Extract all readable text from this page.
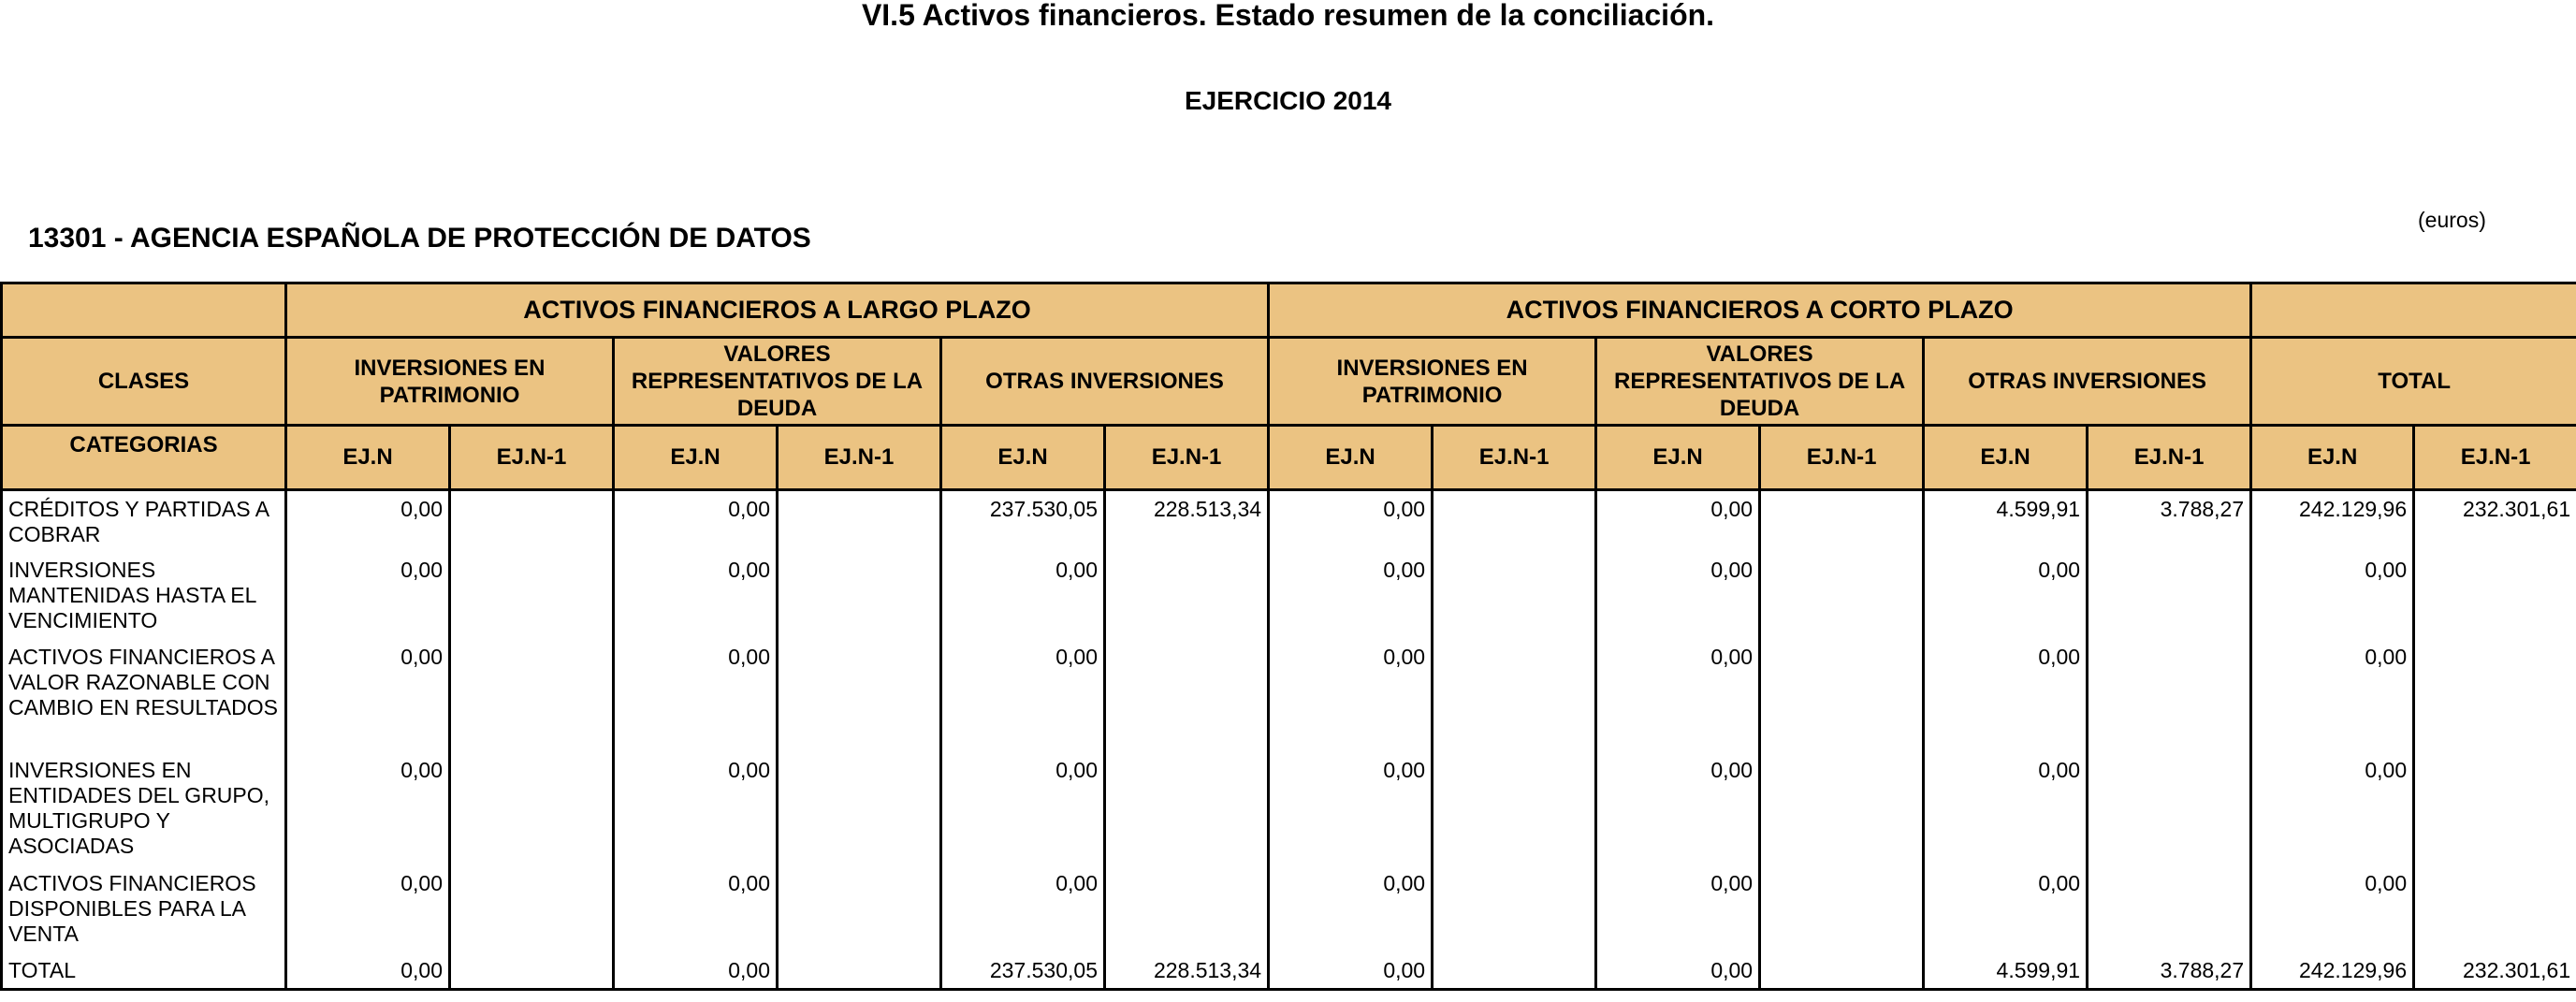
VI.5 Activos financieros. Estado resumen de la conciliación.
EJERCICIO 2014
13301 - AGENCIA ESPAÑOLA DE PROTECCIÓN DE DATOS
(euros)
	ACTIVOS FINANCIEROS A LARGO PLAZO						ACTIVOS FINANCIEROS A CORTO PLAZO							
CLASES	INVERSIONES EN PATRIMONIO		VALORES REPRESENTATIVOS DE LA DEUDA		OTRAS INVERSIONES		INVERSIONES EN PATRIMONIO		VALORES REPRESENTATIVOS DE LA DEUDA		OTRAS INVERSIONES		TOTAL	
CATEGORIAS	EJ.N	EJ.N-1	EJ.N	EJ.N-1	EJ.N	EJ.N-1	EJ.N	EJ.N-1	EJ.N	EJ.N-1	EJ.N	EJ.N-1	EJ.N	EJ.N-1
CRÉDITOS Y PARTIDAS A COBRAR	0,00		0,00		237.530,05	228.513,34	0,00		0,00		4.599,91	3.788,27	242.129,96	232.301,61
INVERSIONES MANTENIDAS HASTA EL VENCIMIENTO	0,00		0,00		0,00		0,00		0,00		0,00		0,00	
ACTIVOS FINANCIEROS A VALOR RAZONABLE CON CAMBIO EN RESULTADOS	0,00		0,00		0,00		0,00		0,00		0,00		0,00	
INVERSIONES EN ENTIDADES DEL GRUPO, MULTIGRUPO Y ASOCIADAS	0,00		0,00		0,00		0,00		0,00		0,00		0,00	
ACTIVOS FINANCIEROS DISPONIBLES PARA LA VENTA	0,00		0,00		0,00		0,00		0,00		0,00		0,00	
TOTAL	0,00		0,00		237.530,05	228.513,34	0,00		0,00		4.599,91	3.788,27	242.129,96	232.301,61
